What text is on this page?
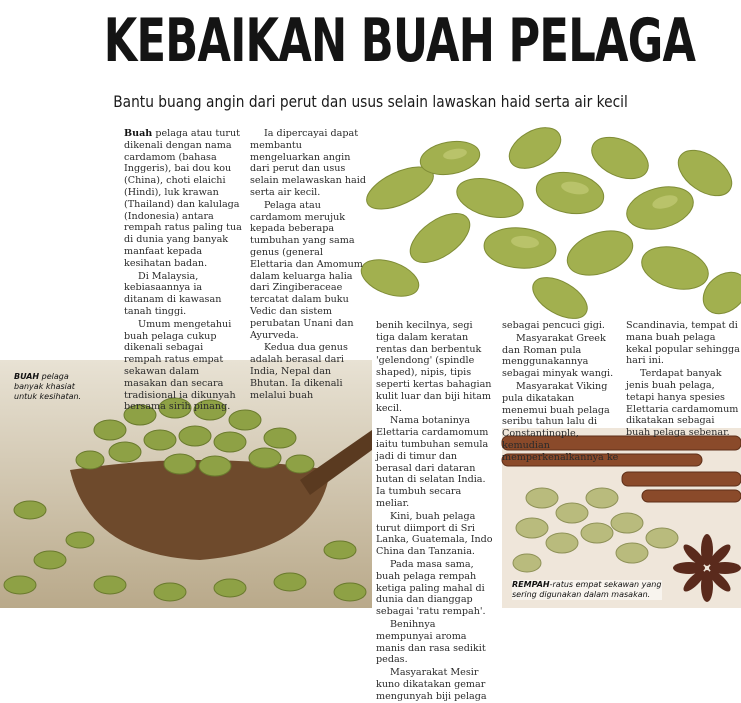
KEBAIKAN BUAH PELAGA
Bantu buang angin dari perut dan usus selain lawaskan haid serta air kecil

Buah pelaga atau turut dikenali dengan nama cardamom (bahasa Inggeris), bai dou kou (China), choti elaichi (Hindi), luk krawan (Thailand) dan kalulaga (Indonesia) antara rempah ratus paling tua di dunia yang banyak manfaat kepada kesihatan badan.

Di Malaysia, kebiasaannya ia ditanam di kawasan tanah tinggi.

Umum mengetahui buah pelaga cukup dikenali sebagai rempah ratus empat sekawan dalam masakan dan secara tradisional ia dikunyah bersama sirih pinang.

Ia dipercayai dapat membantu mengeluarkan angin dari perut dan usus selain melawaskan haid serta air kecil.

Pelaga atau cardamom merujuk kepada beberapa tumbuhan yang sama genus (general Elettaria dan Amomum dalam keluarga halia dari Zingiberaceae tercatat dalam buku Vedic dan sistem perubatan Unani dan Ayurveda.

Kedua dua genus adalah berasal dari India, Nepal dan Bhutan. Ia dikenali melalui buah

benih kecilnya, segi tiga dalam keratan rentas dan berbentuk 'gelendong' (spindle shaped), nipis, tipis seperti kertas bahagian kulit luar dan biji hitam kecil.

Nama botaninya Elettaria cardamomum iaitu tumbuhan semula jadi di timur dan berasal dari dataran hutan di selatan India. Ia tumbuh secara meliar.

Kini, buah pelaga turut diimport di Sri Lanka, Guatemala, Indo China dan Tanzania.

Pada masa sama, buah pelaga rempah ketiga paling mahal di dunia dan dianggap sebagai 'ratu rempah'.

Benihnya mempunyai aroma manis dan rasa sedikit pedas.

Masyarakat Mesir kuno dikatakan gemar mengunyah biji pelaga

sebagai pencuci gigi.

Masyarakat Greek dan Roman pula menggunakannya sebagai minyak wangi.

Masyarakat Viking pula dikatakan menemui buah pelaga seribu tahun lalu di Constantinople, kemudian memperkenalkannya ke

Scandinavia, tempat di mana buah pelaga kekal popular sehingga hari ini.

Terdapat banyak jenis buah pelaga, tetapi hanya spesies Elettaria cardamomum dikatakan sebagai buah pelaga sebenar.

BUAH pelaga banyak khasiat untuk kesihatan.
REMPAH-ratus empat sekawan yang sering digunakan dalam masakan.
